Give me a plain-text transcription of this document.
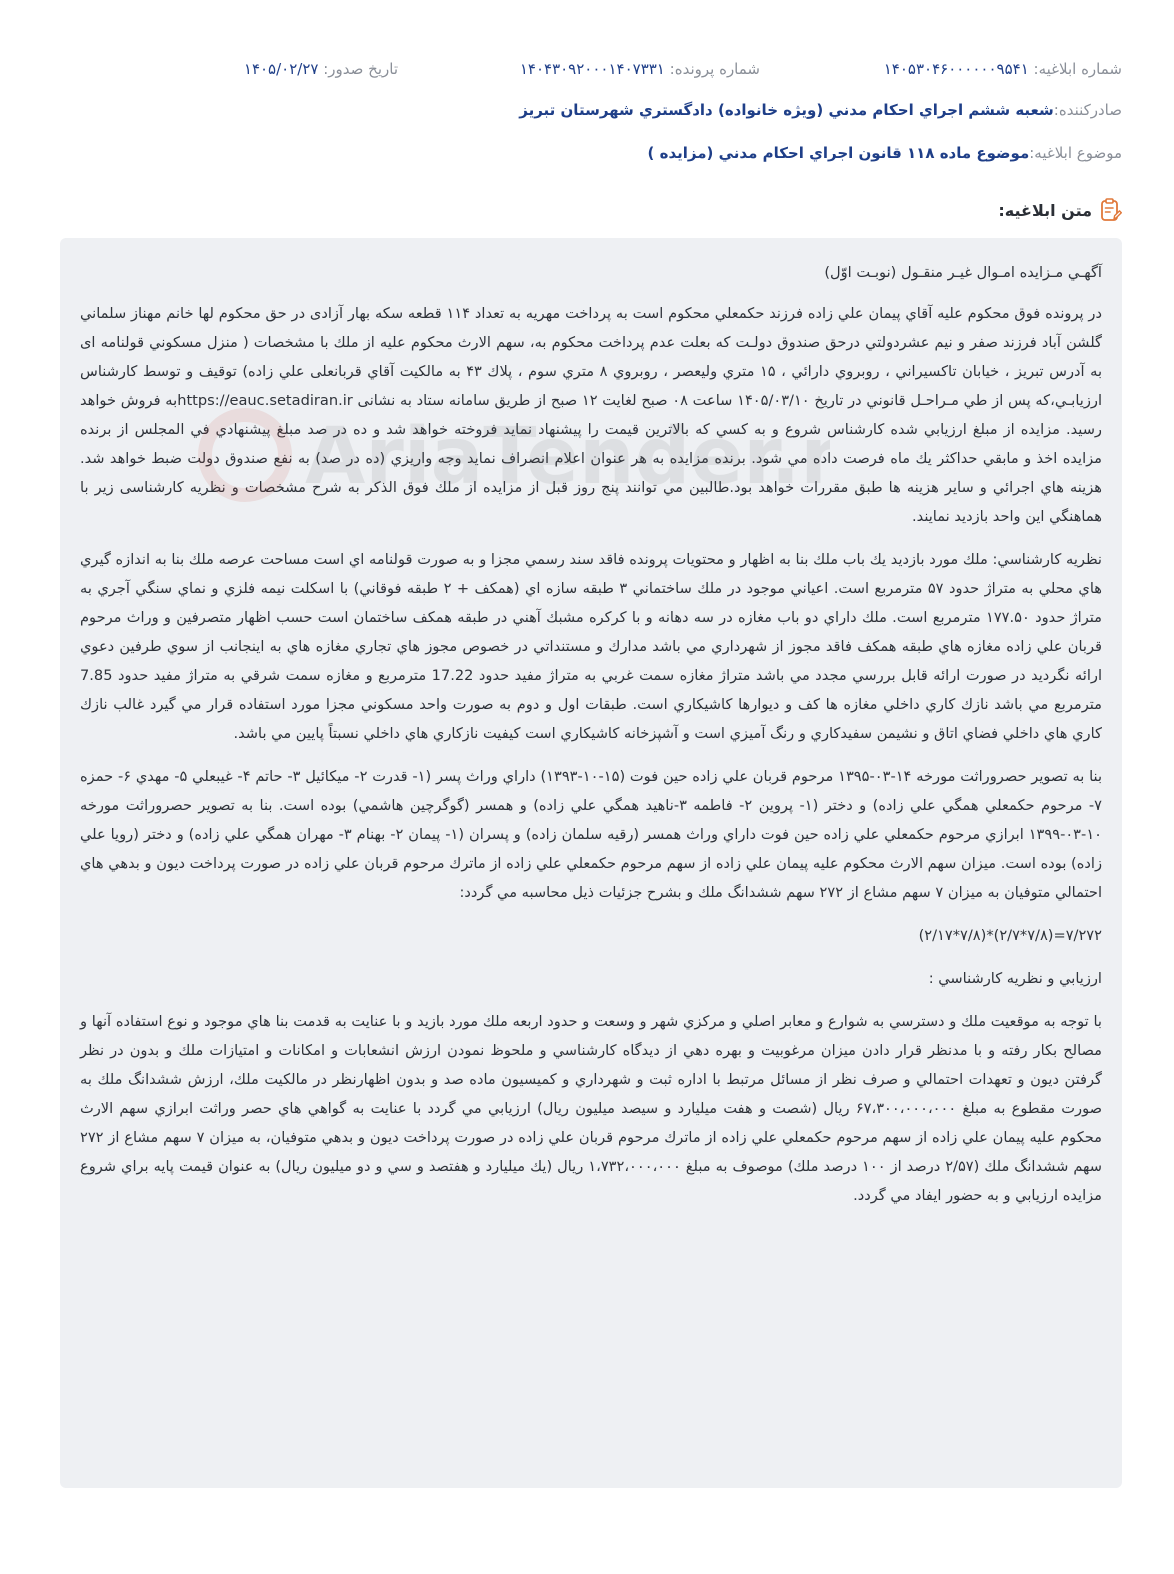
شماره ابلاغیه: ۱۴۰۵۳۰۴۶۰۰۰۰۰۰۹۵۴۱
شماره پرونده: ۱۴۰۴۳۰۹۲۰۰۰۱۴۰۷۳۳۱
تاریخ صدور: ۱۴۰۵/۰۲/۲۷
صادرکننده:
شعبه ششم اجراي احكام مدني (ويژه خانواده) دادگستري شهرستان تبريز
موضوع ابلاغیه:
موضوع ماده ۱۱۸ قانون اجراي احكام مدني (مزايده )
متن ابلاغیه:

آگهـي مـزايده امـوال غيـر منقـول (نوبـت اوّل)

در پرونده فوق محكوم عليه آقاي پيمان علي زاده فرزند حكمعلي محكوم است به پرداخت مهريه به تعداد ۱۱۴ قطعه سكه بهار آزادی در حق محکوم لها خانم مهناز سلماني گلشن آباد فرزند صفر و نيم عشردولتي درحق صندوق دولـت كه بعلت عدم پرداخت محكوم به، سهم الارث محكوم عليه از ملك با مشخصات ( منزل مسكوني قولنامه ای به آدرس تبريز ، خيابان تاكسيراني ، روبروي دارائي ، ۱۵ متري وليعصر ، روبروي ۸ متري سوم ، پلاك ۴۳ به مالكيت آقاي قربانعلی علي زاده) توقيف و توسط كارشناس ارزيابـي،كه پس از طي مـراحـل قانوني در تاريخ ۱۴۰۵/۰۳/۱۰ ساعت ۰۸ صبح لغايت ۱۲ صبح از طريق سامانه ستاد به نشانی https://eauc.setadiran.irبه فروش خواهد رسيد. مزايده از مبلغ ارزيابي شده كارشناس شروع و به كسي كه بالاترين قيمت را پيشنهاد نمايد فروخته خواهد شد و ده در صد مبلغ پيشنهادي في المجلس از برنده مزايده اخذ و مابقي حداكثر يك ماه فرصت داده مي شود. برنده مزايده به هر عنوان اعلام انصراف نمايد وجه واريزي (ده در صد) به نفع صندوق دولت ضبط خواهد شد. هزينه هاي اجرائي و ساير هزينه ها طبق مقررات خواهد بود.طالبين مي توانند پنج روز قبل از مزايده از ملك فوق الذكر به شرح مشخصات و نظريه كارشناسی زير با هماهنگي اين واحد بازديد نمايند.

نظريه كارشناسي: ملك مورد بازديد يك باب ملك بنا به اظهار و محتويات پرونده فاقد سند رسمي مجزا و به صورت قولنامه اي است مساحت عرصه ملك بنا به اندازه گيري هاي محلي به متراژ حدود ۵۷ مترمربع است. اعياني موجود در ملك ساختماني ۳ طبقه سازه اي (همكف + ۲ طبقه فوقاني) با اسكلت نيمه فلزي و نماي سنگي آجري به متراژ حدود ۱۷۷.۵۰ مترمربع است. ملك داراي دو باب مغازه در سه دهانه و با كركره مشبك آهني در طبقه همكف ساختمان است حسب اظهار متصرفين و وراث مرحوم قربان علي زاده مغازه هاي طبقه همكف فاقد مجوز از شهرداري مي باشد مدارك و مستنداتي در خصوص مجوز هاي تجاري مغازه هاي به اينجانب از سوي طرفين دعوي ارائه نگرديد در صورت ارائه قابل بررسي مجدد مي باشد متراژ مغازه سمت غربي به متراژ مفيد حدود 17.22 مترمربع و مغازه سمت شرقي به متراژ مفيد حدود 7.85 مترمربع مي باشد نازك كاري داخلي مغازه ها كف و ديوارها كاشيكاري است. طبقات اول و دوم به صورت واحد مسكوني مجزا مورد استفاده قرار مي گيرد غالب نازك كاري هاي داخلي فضاي اتاق و نشيمن سفيدكاري و رنگ آميزي است و آشپزخانه كاشيكاري است كيفيت نازكاري هاي داخلي نسبتاً پايين مي باشد.

بنا به تصوير حصروراثت مورخه ۱۴-۰۳-۱۳۹۵ مرحوم قربان علي زاده حين فوت (۱۵-۱۰-۱۳۹۳) داراي وراث پسر (۱- قدرت ۲- ميكائيل ۳- حاتم ۴- غيبعلي ۵- مهدي ۶- حمزه ۷- مرحوم حكمعلي همگي علي زاده) و دختر (۱- پروين ۲- فاطمه ۳-ناهيد همگي علي زاده) و همسر (گوگرچين هاشمي) بوده است. بنا به تصوير حصروراثت مورخه ۱۰-۰۳-۱۳۹۹ ابرازي مرحوم حكمعلي علي زاده حين فوت داراي وراث همسر (رقيه سلمان زاده) و پسران (۱- پيمان ۲- بهنام ۳- مهران همگي علي زاده) و دختر (رويا علي زاده) بوده است. ميزان سهم الارث محكوم عليه پيمان علي زاده از سهم مرحوم حكمعلي علي زاده از ماترك مرحوم قربان علي زاده در صورت پرداخت ديون و بدهي هاي احتمالي متوفيان به ميزان ۷ سهم مشاع از ۲۷۲ سهم ششدانگ ملك و بشرح جزئيات ذيل محاسبه مي گردد:

۷/۲۷۲=(۷/۸*۲/۷)*(۷/۸*۲/۱۷)

ارزيابي و نظريه كارشناسي :

با توجه به موقعيت ملك و دسترسي به شوارع و معابر اصلي و مركزي شهر و وسعت و حدود اربعه ملك مورد بازيد و با عنايت به قدمت بنا هاي موجود و نوع استفاده آنها و مصالح بكار رفته و با مدنظر قرار دادن ميزان مرغوبيت و بهره دهي از ديدگاه كارشناسي و ملحوظ نمودن ارزش انشعابات و امكانات و امتيازات ملك و بدون در نظر گرفتن ديون و تعهدات احتمالي و صرف نظر از مسائل مرتبط با اداره ثبت و شهرداري و كميسيون ماده صد و بدون اظهارنظر در مالكيت ملك، ارزش ششدانگ ملك به صورت مقطوع به مبلغ ۶۷،۳۰۰،۰۰۰،۰۰۰ ريال (شصت و هفت ميليارد و سيصد ميليون ريال) ارزيابي مي گردد با عنايت به گواهي هاي حصر وراثت ابرازي سهم الارث محكوم عليه پيمان علي زاده از سهم مرحوم حكمعلي علي زاده از ماترك مرحوم قربان علي زاده در صورت پرداخت ديون و بدهي متوفيان، به ميزان ۷ سهم مشاع از ۲۷۲ سهم ششدانگ ملك (۲/۵۷ درصد از ۱۰۰ درصد ملك) موصوف به مبلغ ۱،۷۳۲،۰۰۰،۰۰۰ ريال (يك ميليارد و هفتصد و سي و دو ميليون ريال) به عنوان قيمت پايه براي شروع مزايده ارزيابي و به حضور ايفاد مي گردد.
